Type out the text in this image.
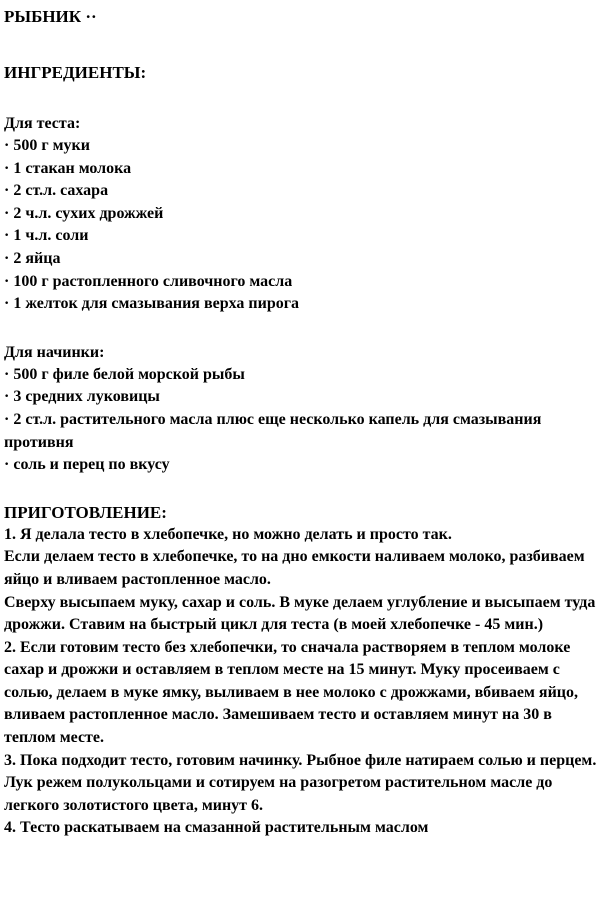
РЫБНИК ··
ИНГРЕДИЕНТЫ:
Для теста:
· 500 г муки
· 1 стакан молока
· 2 ст.л. сахара
· 2 ч.л. сухих дрожжей
· 1 ч.л. соли
· 2 яйца
· 100 г растопленного сливочного масла
· 1 желток для смазывания верха пирога
Для начинки:
· 500 г филе белой морской рыбы
· 3 средних луковицы
· 2 ст.л. растительного масла плюс еще несколько капель для смазывания противня
· соль и перец по вкусу
ПРИГОТОВЛЕНИЕ:

1. Я делала тесто в хлебопечке, но можно делать и просто так.

Если делаем тесто в хлебопечке, то на дно емкости наливаем молоко, разбиваем яйцо и вливаем растопленное масло.

Сверху высыпаем муку, сахар и соль. В муке делаем углубление и высыпаем туда дрожжи. Ставим на быстрый цикл для теста (в моей хлебопечке - 45 мин.)

2. Если готовим тесто без хлебопечки, то сначала растворяем в теплом молоке сахар и дрожжи и оставляем в теплом месте на 15 минут. Муку просеиваем с солью, делаем в муке ямку, выливаем в нее молоко с дрожжами, вбиваем яйцо, вливаем растопленное масло. Замешиваем тесто и оставляем минут на 30 в теплом месте.

3. Пока подходит тесто, готовим начинку. Рыбное филе натираем солью и перцем.

Лук режем полукольцами и сотируем на разогретом растительном масле до легкого золотистого цвета, минут 6.

4. Тесто раскатываем на смазанной растительным маслом
